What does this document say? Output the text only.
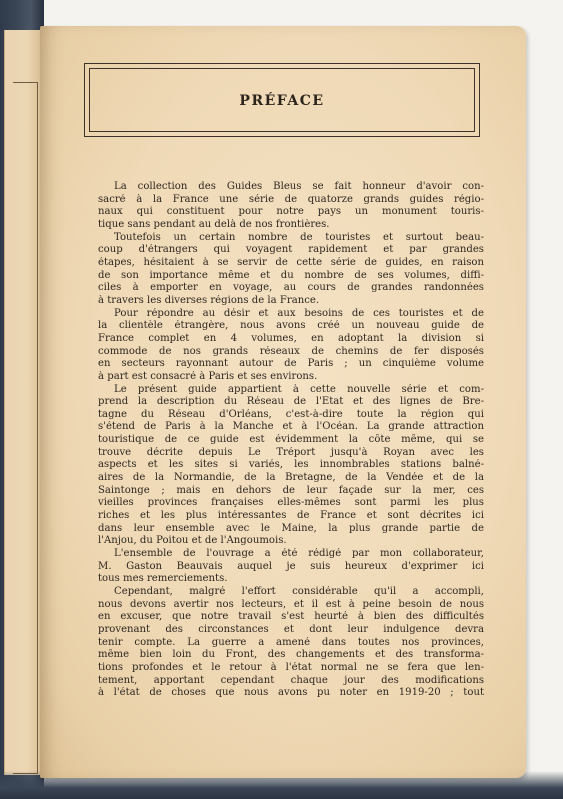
PRÉFACE
La collection des Guides Bleus se fait honneur d'avoir con-
sacré à la France une série de quatorze grands guides régio-
naux qui constituent pour notre pays un monument touris-
tique sans pendant au delà de nos frontières.
Toutefois un certain nombre de touristes et surtout beau-
coup d'étrangers qui voyagent rapidement et par grandes
étapes, hésitaient à se servir de cette série de guides, en raison
de son importance même et du nombre de ses volumes, diffi-
ciles à emporter en voyage, au cours de grandes randonnées
à travers les diverses régions de la France.
Pour répondre au désir et aux besoins de ces touristes et de
la clientèle étrangère, nous avons créé un nouveau guide de
France complet en 4 volumes, en adoptant la division si
commode de nos grands réseaux de chemins de fer disposés
en secteurs rayonnant autour de Paris ; un cinquième volume
à part est consacré à Paris et ses environs.
Le présent guide appartient à cette nouvelle série et com-
prend la description du Réseau de l'État et des lignes de Bre-
tagne du Réseau d'Orléans, c'est-à-dire toute la région qui
s'étend de Paris à la Manche et à l'Océan. La grande attraction
touristique de ce guide est évidemment la côte même, qui se
trouve décrite depuis Le Tréport jusqu'à Royan avec les
aspects et les sites si variés, les innombrables stations balné-
aires de la Normandie, de la Bretagne, de la Vendée et de la
Saintonge ; mais en dehors de leur façade sur la mer, ces
vieilles provinces françaises elles-mêmes sont parmi les plus
riches et les plus intéressantes de France et sont décrites ici
dans leur ensemble avec le Maine, la plus grande partie de
l'Anjou, du Poitou et de l'Angoumois.
L'ensemble de l'ouvrage a été rédigé par mon collaborateur,
M. Gaston Beauvais auquel je suis heureux d'exprimer ici
tous mes remerciements.
Cependant, malgré l'effort considérable qu'il a accompli,
nous devons avertir nos lecteurs, et il est à peine besoin de nous
en excuser, que notre travail s'est heurté à bien des difficultés
provenant des circonstances et dont leur indulgence devra
tenir compte. La guerre a amené dans toutes nos provinces,
même bien loin du Front, des changements et des transforma-
tions profondes et le retour à l'état normal ne se fera que len-
tement, apportant cependant chaque jour des modifications
à l'état de choses que nous avons pu noter en 1919-20 ; tout
